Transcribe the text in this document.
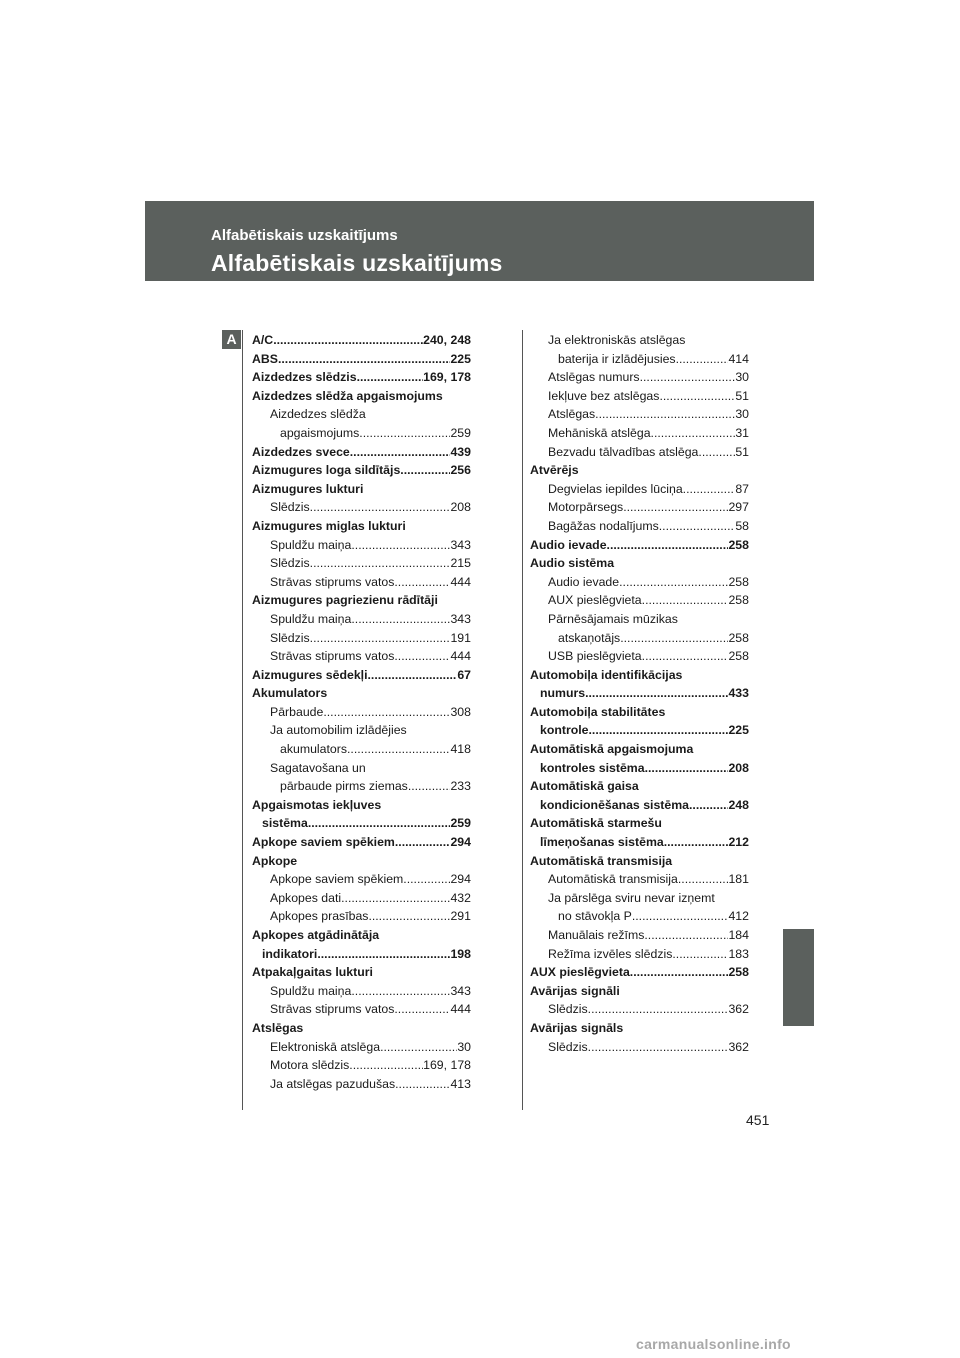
Alfabētiskais uzskaitījums
Alfabētiskais uzskaitījums
A	A/C .....	240, 248
ABS .....	225
Aizdedzes slēdzis .....	169, 178
Aizdedzes slēdža apgaismojums
Aizdedzes slēdža
apgaismojums .....	259
Aizdedzes svece .....	439
Aizmugures loga sildītājs .....	256
Aizmugures lukturi
Slēdzis .....	208
Aizmugures miglas lukturi
Spuldžu maiņa .....	343
Slēdzis .....	215
Strāvas stiprums vatos .....	444
Aizmugures pagriezienu rādītāji
Spuldžu maiņa .....	343
Slēdzis .....	191
Strāvas stiprums vatos .....	444
Aizmugures sēdekļi .....	67
Akumulators
Pārbaude .....	308
Ja automobilim izlādējies
akumulators .....	418
Sagatavošana un
pārbaude pirms ziemas .....	233
Apgaismotas iekļuves
sistēma .....	259
Apkope saviem spēkiem .....	294
Apkope
Apkope saviem spēkiem .....	294
Apkopes dati .....	432
Apkopes prasības .....	291
Apkopes atgādinātāja
indikatori .....	198
Atpakaļgaitas lukturi
Spuldžu maiņa .....	343
Strāvas stiprums vatos .....	444
Atslēgas
Elektroniskā atslēga .....	30
Motora slēdzis .....	169, 178
Ja atslēgas pazudušas .....	413
Ja elektroniskās atslēgas
baterija ir izlādējusies .....	414
Atslēgas numurs .....	30
Iekļuve bez atslēgas .....	51
Atslēgas .....	30
Mehāniskā atslēga .....	31
Bezvadu tālvadības atslēga .....	51
Atvērējs
Degvielas iepildes lūciņa .....	87
Motorpārsegs .....	297
Bagāžas nodalījums .....	58
Audio ievade .....	258
Audio sistēma
Audio ievade .....	258
AUX pieslēgvieta .....	258
Pārnēsājamais mūzikas
atskaņotājs .....	258
USB pieslēgvieta .....	258
Automobiļa identifikācijas
numurs .....	433
Automobiļa stabilitātes
kontrole .....	225
Automātiskā apgaismojuma
kontroles sistēma .....	208
Automātiskā gaisa
kondicionēšanas sistēma .....	248
Automātiskā starmešu
līmeņošanas sistēma .....	212
Automātiskā transmisija
Automātiskā transmisija .....	181
Ja pārslēga sviru nevar izņemt
no stāvokļa P .....	412
Manuālais režīms .....	184
Režīma izvēles slēdzis .....	183
AUX pieslēgvieta .....	258
Avārijas signāli
Slēdzis .....	362
Avārijas signāls
Slēdzis .....	362
451
carmanualsonline.info
